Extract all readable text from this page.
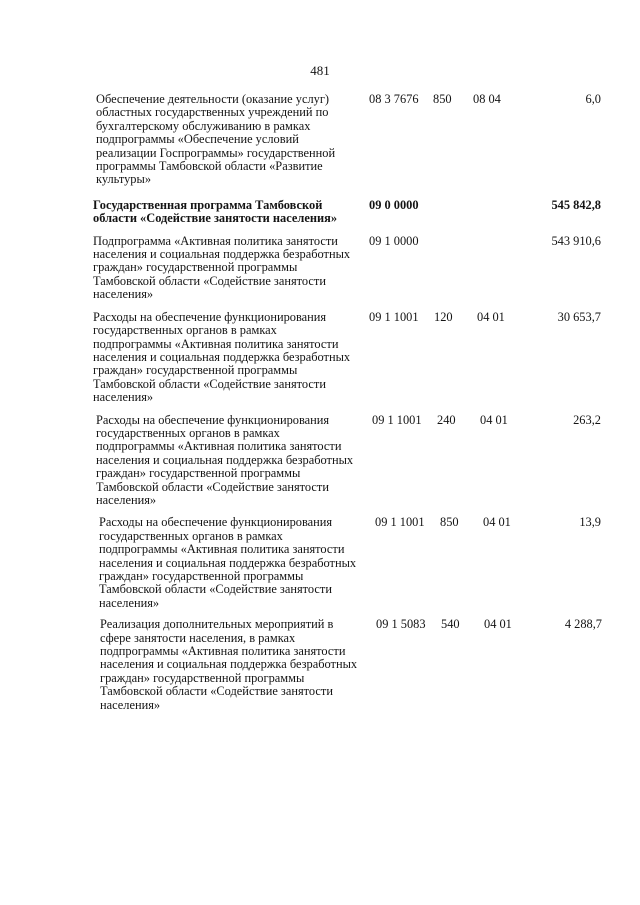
481
Обеспечение деятельности (оказание услуг) областных государственных учреждений по бухгалтерскому обслуживанию в рамках подпрограммы «Обеспечение условий реализации Госпрограммы» государственной программы Тамбовской области «Развитие культуры»
08 3 7676 850 08 04	6,0
Государственная программа Тамбовской области «Содействие занятости населения»
09 0 0000	545 842,8
Подпрограмма «Активная политика занятости населения и социальная поддержка безработных граждан» государственной программы Тамбовской области «Содействие занятости населения»
09 1 0000	543 910,6
Расходы на обеспечение функционирования государственных органов в рамках подпрограммы «Активная политика занятости населения и социальная поддержка безработных граждан» государственной программы Тамбовской области «Содействие занятости населения»
09 1 1001 120 04 01	30 653,7
Расходы на обеспечение функционирования государственных органов в рамках подпрограммы «Активная политика занятости населения и социальная поддержка безработных граждан» государственной программы Тамбовской области «Содействие занятости населения»
09 1 1001 240 04 01	263,2
Расходы на обеспечение функционирования государственных органов в рамках подпрограммы «Активная политика занятости населения и социальная поддержка безработных граждан» государственной программы Тамбовской области «Содействие занятости населения»
09 1 1001 850 04 01	13,9
Реализация дополнительных мероприятий в сфере занятости населения, в рамках подпрограммы «Активная политика занятости населения и социальная поддержка безработных граждан» государственной программы Тамбовской области «Содействие занятости населения»
09 1 5083 540 04 01	4 288,7
